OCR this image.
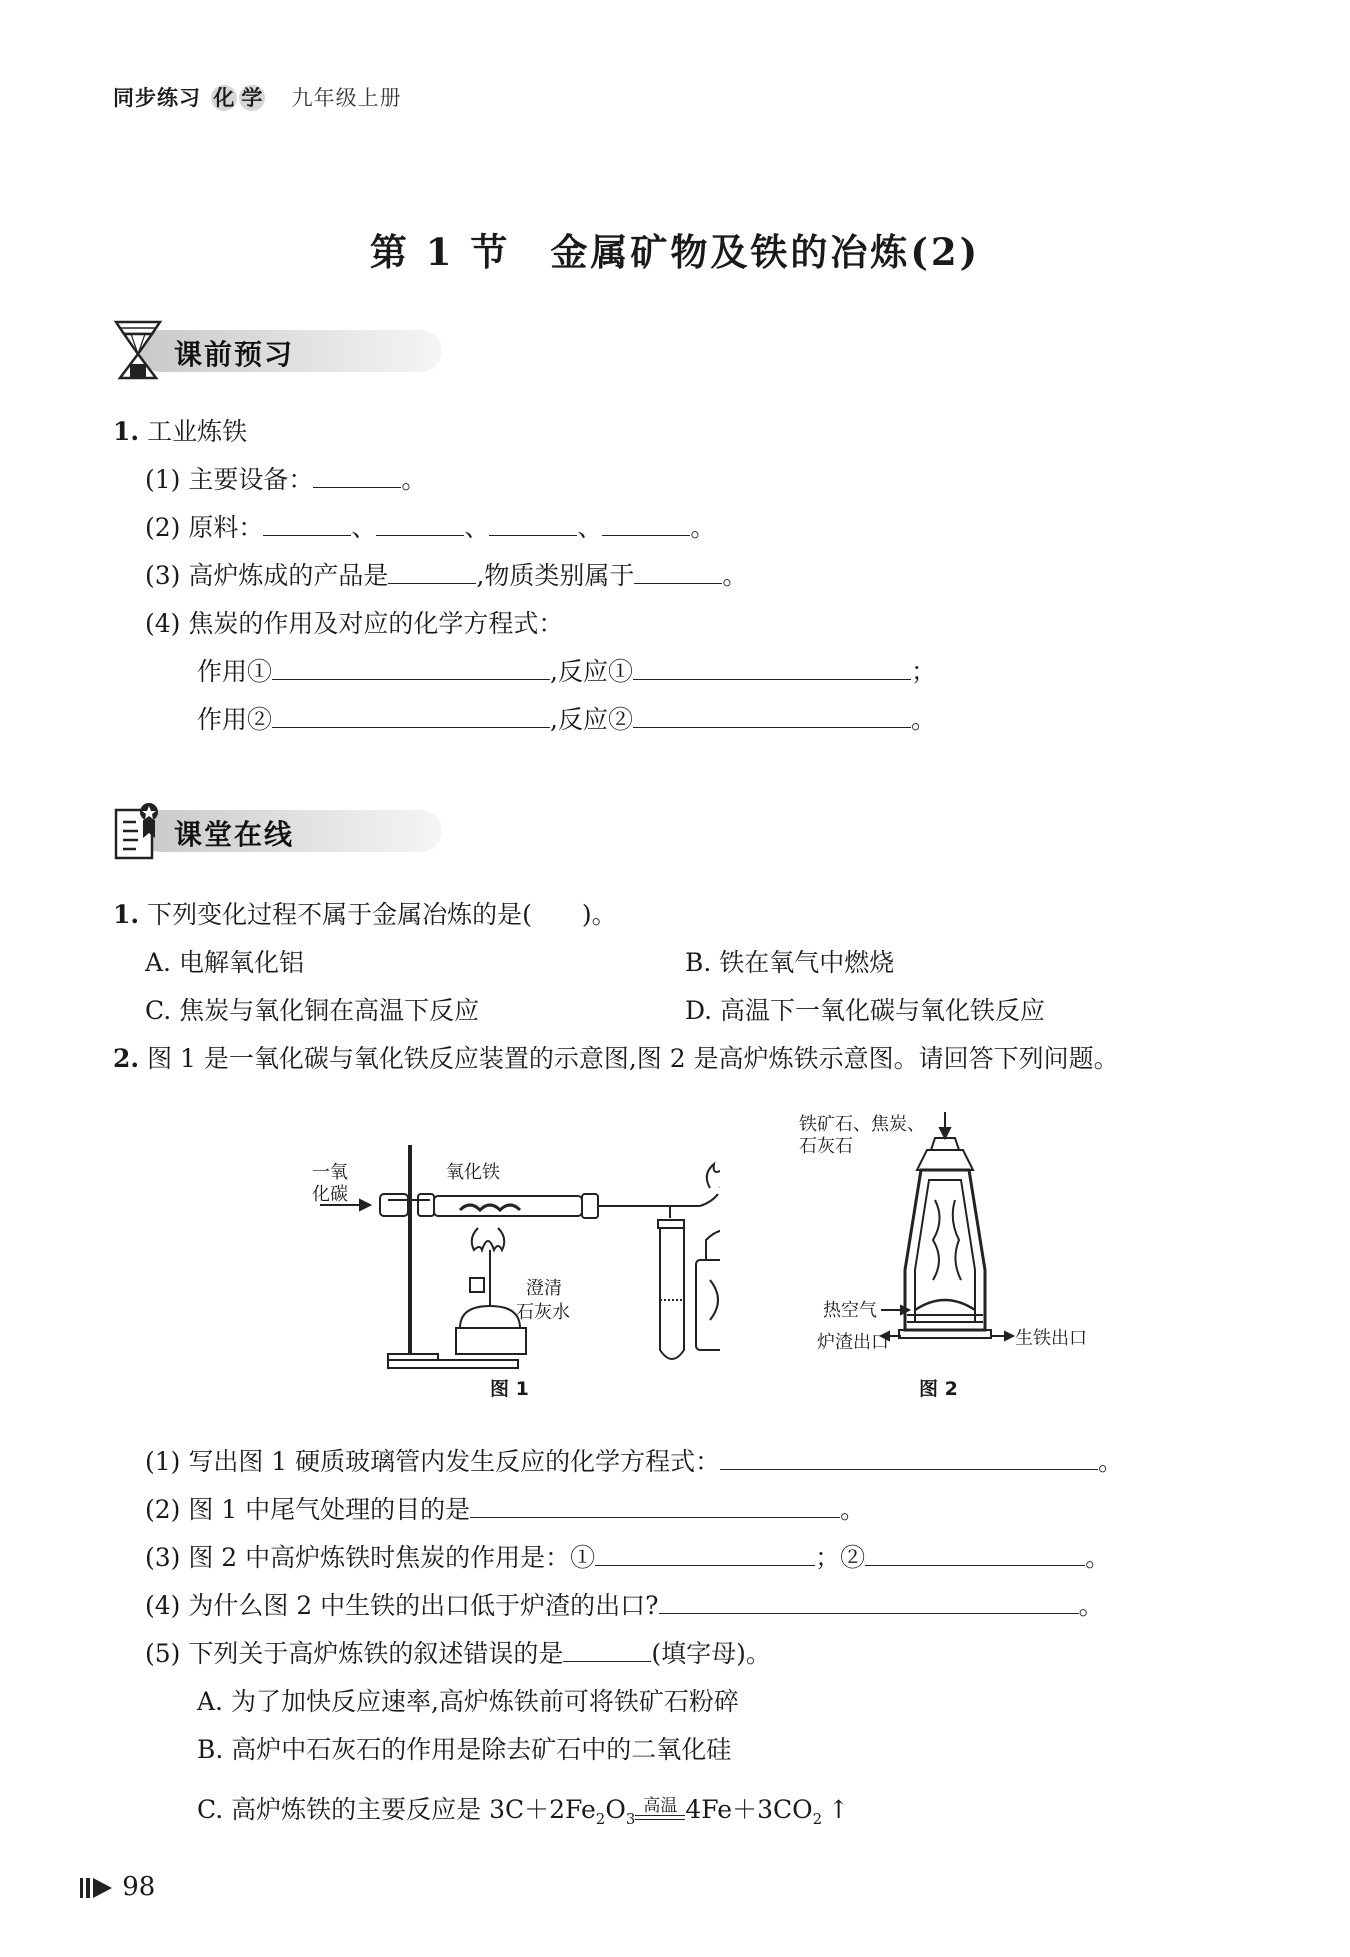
同步练习 化 学 九年级上册
第 1 节　金属矿物及铁的冶炼(2)
课前预习
1. 工业炼铁
(1) 主要设备：	。
(2) 原料：	、	、	、	。
(3) 高炉炼成的产品是	,物质类别属于	。
(4) 焦炭的作用及对应的化学方程式：
作用①	,反应①	；
作用②	,反应②	。
课堂在线
1. 下列变化过程不属于金属冶炼的是(　　)。
A. 电解氧化铝	B. 铁在氧气中燃烧
C. 焦炭与氧化铜在高温下反应	D. 高温下一氧化碳与氧化铁反应
2. 图 1 是一氧化碳与氧化铁反应装置的示意图,图 2 是高炉炼铁示意图。请回答下列问题。
一氧
化碳
氧化铁
澄清
石灰水
图 1
铁矿石、焦炭、
石灰石
热空气
炉渣出口	生铁出口
图 2
(1) 写出图 1 硬质玻璃管内发生反应的化学方程式：	。
(2) 图 1 中尾气处理的目的是	。
(3) 图 2 中高炉炼铁时焦炭的作用是：①	；②	。
(4) 为什么图 2 中生铁的出口低于炉渣的出口?	。
(5) 下列关于高炉炼铁的叙述错误的是	(填字母)。
A. 为了加快反应速率,高炉炼铁前可将铁矿石粉碎
B. 高炉中石灰石的作用是除去矿石中的二氧化硅
C. 高炉炼铁的主要反应是 $3C+2Fe_2O_3$
高温 $4Fe+3CO_2$ ↑
98
